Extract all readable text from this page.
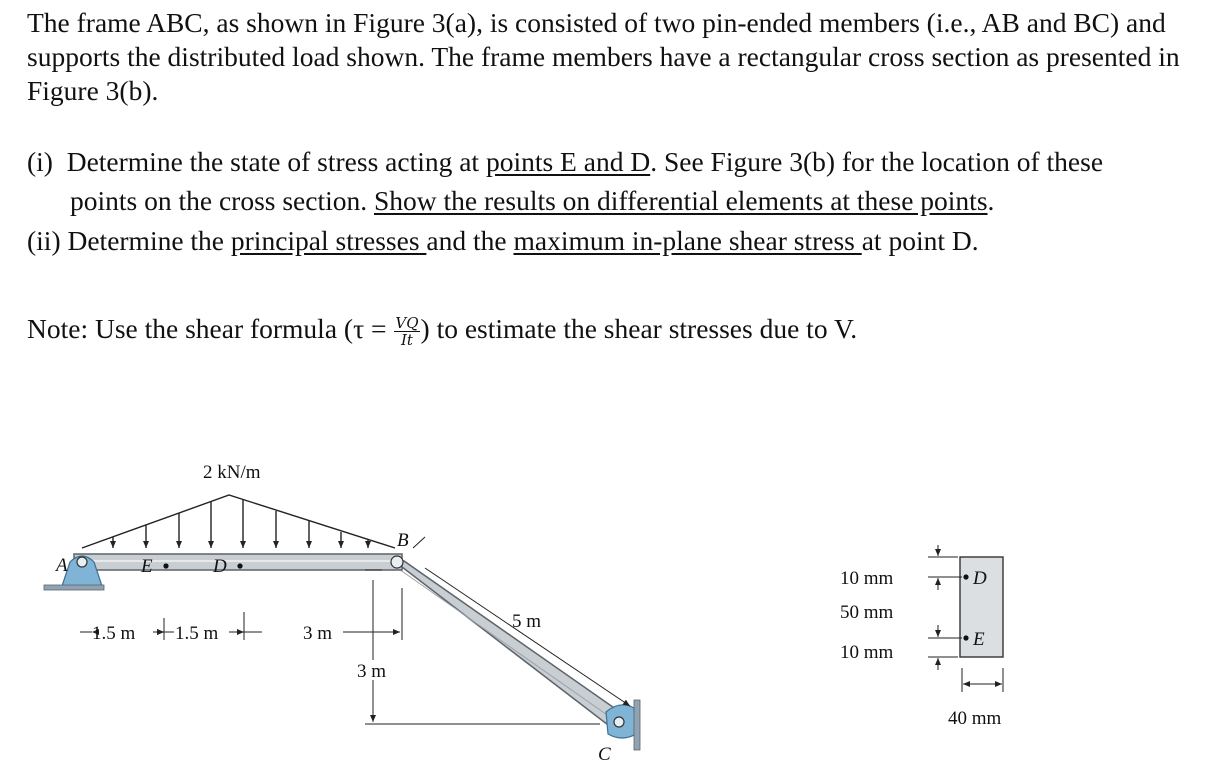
The frame ABC, as shown in Figure 3(a), is consisted of two pin-ended members (i.e., AB and BC) and supports the distributed load shown. The frame members have a rectangular cross section as presented in Figure 3(b).

(i) Determine the state of stress acting at points E and D. See Figure 3(b) for the location of these

points on the cross section. Show the results on differential elements at these points.

(ii) Determine the principal stresses and the maximum in-plane shear stress at point D.

Note: Use the shear formula ($\tau = \frac{VQ}{It}$ ) to estimate the shear stresses due to V.

2 kN/m
A
B
C
E	D
1.5 m 1.5 m	3 m
3 m
5 m
D
E
10 mm
50 mm
10 mm
40 mm
